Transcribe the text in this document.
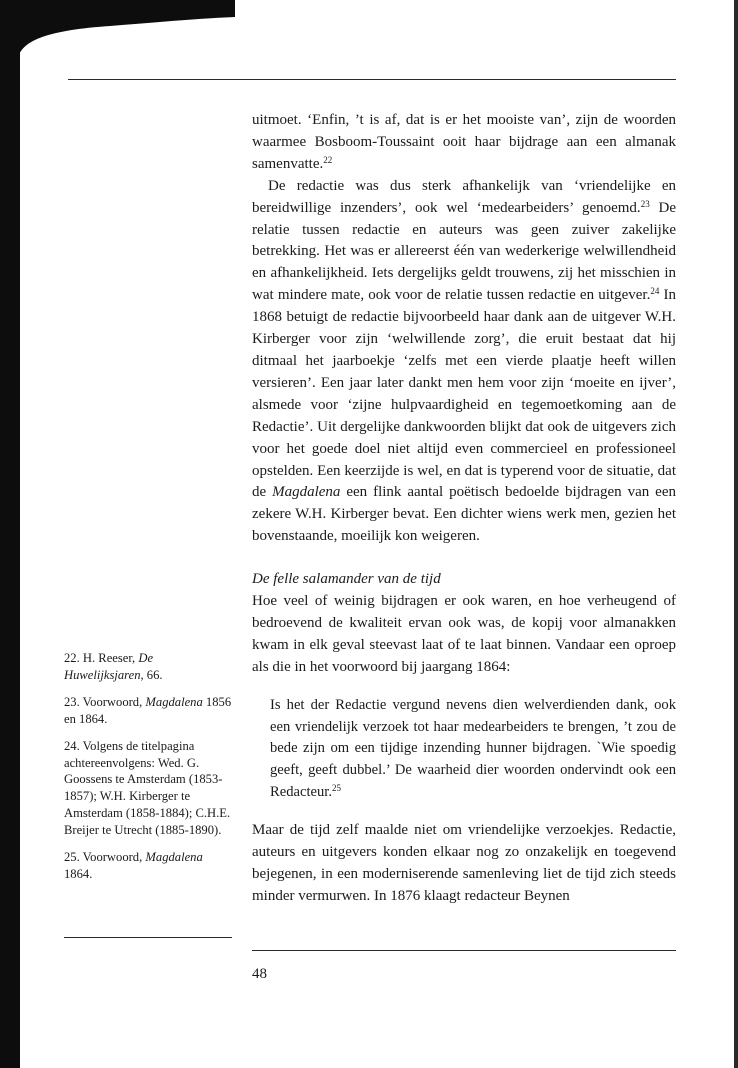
uitmoet. ‘Enfin, ’t is af, dat is er het mooiste van’, zijn de woorden waarmee Bosboom-Toussaint ooit haar bijdrage aan een almanak samenvatte.$^{22}$

De redactie was dus sterk afhankelijk van ‘vriendelijke en bereidwillige inzenders’, ook wel ‘medearbeiders’ genoemd.$^{23}$ De relatie tussen redactie en auteurs was geen zuiver zakelijke betrekking. Het was er allereerst één van wederkerige welwillendheid en afhankelijkheid. Iets dergelijks geldt trouwens, zij het misschien in wat mindere mate, ook voor de relatie tussen redactie en uitgever.$^{24}$ In 1868 betuigt de redactie bijvoorbeeld haar dank aan de uitgever W.H. Kirberger voor zijn ‘welwillende zorg’, die eruit bestaat dat hij ditmaal het jaarboekje ‘zelfs met een vierde plaatje heeft willen versieren’. Een jaar later dankt men hem voor zijn ‘moeite en ijver’, alsmede voor ‘zijne hulpvaardigheid en tegemoetkoming aan de Redactie’. Uit dergelijke dankwoorden blijkt dat ook de uitgevers zich voor het goede doel niet altijd even commercieel en professioneel opstelden. Een keerzijde is wel, en dat is typerend voor de situatie, dat de Magdalena een flink aantal poëtisch bedoelde bijdragen van een zekere W.H. Kirberger bevat. Een dichter wiens werk men, gezien het bovenstaande, moeilijk kon weigeren.

De felle salamander van de tijd

Hoe veel of weinig bijdragen er ook waren, en hoe verheugend of bedroevend de kwaliteit ervan ook was, de kopij voor almanakken kwam in elk geval steevast laat of te laat binnen. Vandaar een oproep als die in het voorwoord bij jaargang 1864:

Is het der Redactie vergund nevens dien welverdienden dank, ook een vriendelijk verzoek tot haar medearbeiders te brengen, ’t zou de bede zijn om een tijdige inzending hunner bijdragen. `Wie spoedig geeft, geeft dubbel.’ De waarheid dier woorden ondervindt ook een Redacteur.$^{25}$

Maar de tijd zelf maalde niet om vriendelijke verzoekjes. Redactie, auteurs en uitgevers konden elkaar nog zo onzakelijk en toegevend bejegenen, in een moderniserende samenleving liet de tijd zich steeds minder vermurwen. In 1876 klaagt redacteur Beynen

22. H. Reeser, De Huwelijksjaren, 66.

23. Voorwoord, Magdalena 1856 en 1864.

24. Volgens de titelpagina achtereenvolgens: Wed. G. Goossens te Amsterdam (1853-1857); W.H. Kirberger te Amsterdam (1858-1884); C.H.E. Breijer te Utrecht (1885-1890).

25. Voorwoord, Magdalena 1864.

48
